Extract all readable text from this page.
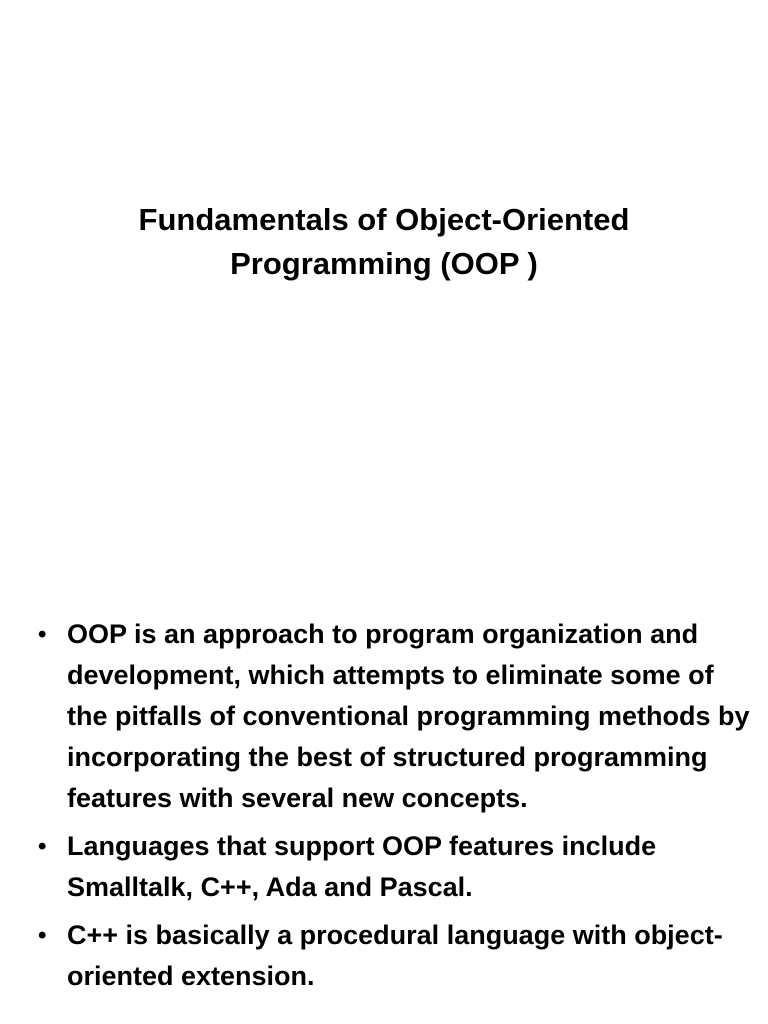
Fundamentals of Object-Oriented
Programming (OOP )
• OOP is an approach to program organization and development, which attempts to eliminate some of the pitfalls of conventional programming methods by incorporating the best of structured programming features with several new concepts.
• Languages that support OOP features include Smalltalk, C++, Ada and Pascal.
• C++ is basically a procedural language with object-oriented extension.
